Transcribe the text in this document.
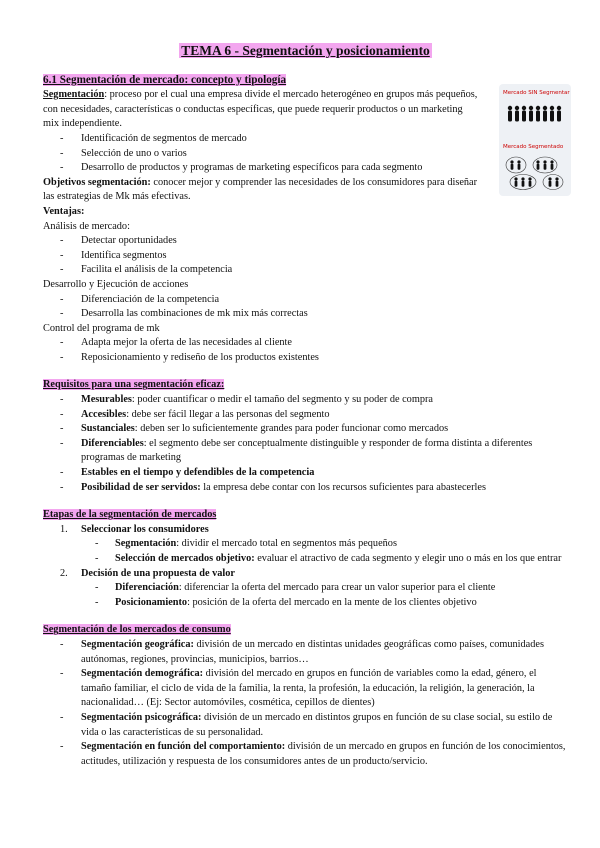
Mercado SIN Segmentar
Mercado Segmentado
TEMA 6 - Segmentación y posicionamiento

6.1 Segmentación de mercado: concepto y tipología

Segmentación: proceso por el cual una empresa divide el mercado heterogéneo en grupos más pequeños, con necesidades, características o conductas específicas, que puede requerir productos o un marketing mix independiente.

- Identificación de segmentos de mercado
- Selección de uno o varios
- Desarrollo de productos y programas de marketing específicos para cada segmento

Objetivos segmentación: conocer mejor y comprender las necesidades de los consumidores para diseñar las estrategias de Mk más efectivas.

Ventajas:

Análisis de mercado:

- Detectar oportunidades
- Identifica segmentos
- Facilita el análisis de la competencia

Desarrollo y Ejecución de acciones

- Diferenciación de la competencia
- Desarrolla las combinaciones de mk mix más correctas

Control del programa de mk

- Adapta mejor la oferta de las necesidades al cliente
- Reposicionamiento y rediseño de los productos existentes

Requisitos para una segmentación eficaz:

- Mesurables: poder cuantificar o medir el tamaño del segmento y su poder de compra
- Accesibles: debe ser fácil llegar a las personas del segmento
- Sustanciales: deben ser lo suficientemente grandes para poder funcionar como mercados
- Diferenciables: el segmento debe ser conceptualmente distinguible y responder de forma distinta a diferentes programas de marketing
- Estables en el tiempo y defendibles de la competencia
- Posibilidad de ser servidos: la empresa debe contar con los recursos suficientes para abastecerles

Etapas de la segmentación de mercados

1. Seleccionar los consumidores
- Segmentación: dividir el mercado total en segmentos más pequeños
- Selección de mercados objetivo: evaluar el atractivo de cada segmento y elegir uno o más en los que entrar
2. Decisión de una propuesta de valor
- Diferenciación: diferenciar la oferta del mercado para crear un valor superior para el cliente
- Posicionamiento: posición de la oferta del mercado en la mente de los clientes objetivo

Segmentación de los mercados de consumo

- Segmentación geográfica: división de un mercado en distintas unidades geográficas como países, comunidades autónomas, regiones, provincias, municipios, barrios…
- Segmentación demográfica: división del mercado en grupos en función de variables como la edad, género, el tamaño familiar, el ciclo de vida de la familia, la renta, la profesión, la educación, la religión, la generación, la nacionalidad… (Ej: Sector automóviles, cosmética, cepillos de dientes)
- Segmentación psicográfica: división de un mercado en distintos grupos en función de su clase social, su estilo de vida o las características de su personalidad.
- Segmentación en función del comportamiento: división de un mercado en grupos en función de los conocimientos, actitudes, utilización y respuesta de los consumidores antes de un producto/servicio.
